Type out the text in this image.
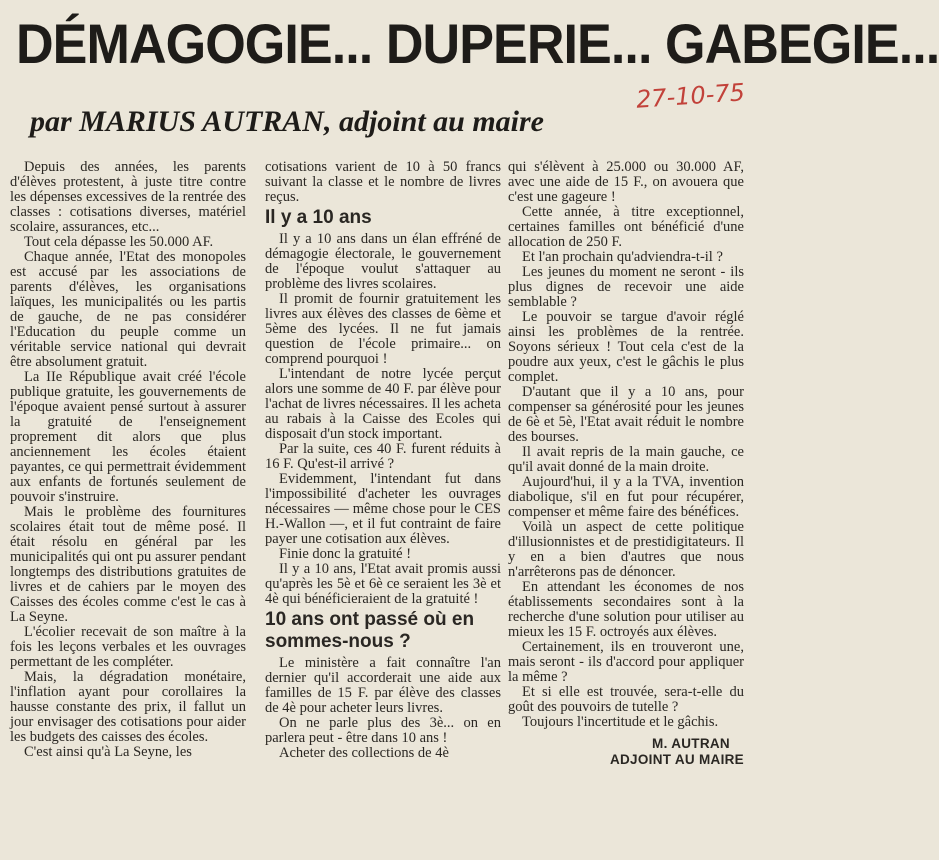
DÉMAGOGIE... DUPERIE... GABEGIE...
par MARIUS AUTRAN, adjoint au maire
27-10-75

Depuis des années, les parents d'élèves protestent, à juste titre contre les dépenses excessives de la rentrée des classes : cotisations diverses, matériel scolaire, assurances, etc...

Tout cela dépasse les 50.000 AF.

Chaque année, l'Etat des monopoles est accusé par les associations de parents d'élèves, les organisations laïques, les municipalités ou les partis de gauche, de ne pas considérer l'Education du peuple comme un véritable service national qui devrait être absolument gratuit.

La IIe République avait créé l'école publique gratuite, les gouvernements de l'époque avaient pensé surtout à assurer la gratuité de l'enseignement proprement dit alors que plus anciennement les écoles étaient payantes, ce qui permettrait évidemment aux enfants de fortunés seulement de pouvoir s'instruire.

Mais le problème des fournitures scolaires était tout de même posé. Il était résolu en général par les municipalités qui ont pu assurer pendant longtemps des distributions gratuites de livres et de cahiers par le moyen des Caisses des écoles comme c'est le cas à La Seyne.

L'écolier recevait de son maître à la fois les leçons verbales et les ouvrages permettant de les compléter.

Mais, la dégradation monétaire, l'inflation ayant pour corollaires la hausse constante des prix, il fallut un jour envisager des cotisations pour aider les budgets des caisses des écoles.

C'est ainsi qu'à La Seyne, les

cotisations varient de 10 à 50 francs suivant la classe et le nombre de livres reçus.

Il y a 10 ans

Il y a 10 ans dans un élan effréné de démagogie électorale, le gouvernement de l'époque voulut s'attaquer au problème des livres scolaires.

Il promit de fournir gratuitement les livres aux élèves des classes de 6ème et 5ème des lycées. Il ne fut jamais question de l'école primaire... on comprend pourquoi !

L'intendant de notre lycée perçut alors une somme de 40 F. par élève pour l'achat de livres nécessaires. Il les acheta au rabais à la Caisse des Ecoles qui disposait d'un stock important.

Par la suite, ces 40 F. furent réduits à 16 F. Qu'est-il arrivé ?

Evidemment, l'intendant fut dans l'impossibilité d'acheter les ouvrages nécessaires — même chose pour le CES H.-Wallon —, et il fut contraint de faire payer une cotisation aux élèves.

Finie donc la gratuité !

Il y a 10 ans, l'Etat avait promis aussi qu'après les 5è et 6è ce seraient les 3è et 4è qui bénéficieraient de la gratuité !

10 ans ont passé où en sommes-nous ?

Le ministère a fait connaître l'an dernier qu'il accorderait une aide aux familles de 15 F. par élève des classes de 4è pour acheter leurs livres.

On ne parle plus des 3è... on en parlera peut - être dans 10 ans !

Acheter des collections de 4è

qui s'élèvent à 25.000 ou 30.000 AF, avec une aide de 15 F., on avouera que c'est une gageure !

Cette année, à titre exceptionnel, certaines familles ont bénéficié d'une allocation de 250 F.

Et l'an prochain qu'adviendra-t-il ?

Les jeunes du moment ne seront - ils plus dignes de recevoir une aide semblable ?

Le pouvoir se targue d'avoir réglé ainsi les problèmes de la rentrée. Soyons sérieux ! Tout cela c'est de la poudre aux yeux, c'est le gâchis le plus complet.

D'autant que il y a 10 ans, pour compenser sa générosité pour les jeunes de 6è et 5è, l'Etat avait réduit le nombre des bourses.

Il avait repris de la main gauche, ce qu'il avait donné de la main droite.

Aujourd'hui, il y a la TVA, invention diabolique, s'il en fut pour récupérer, compenser et même faire des bénéfices.

Voilà un aspect de cette politique d'illusionnistes et de prestidigitateurs. Il y en a bien d'autres que nous n'arrêterons pas de dénoncer.

En attendant les économes de nos établissements secondaires sont à la recherche d'une solution pour utiliser au mieux les 15 F. octroyés aux élèves.

Certainement, ils en trouveront une, mais seront - ils d'accord pour appliquer la même ?

Et si elle est trouvée, sera-t-elle du goût des pouvoirs de tutelle ?

Toujours l'incertitude et le gâchis.

M. AUTRAN
ADJOINT AU MAIRE
